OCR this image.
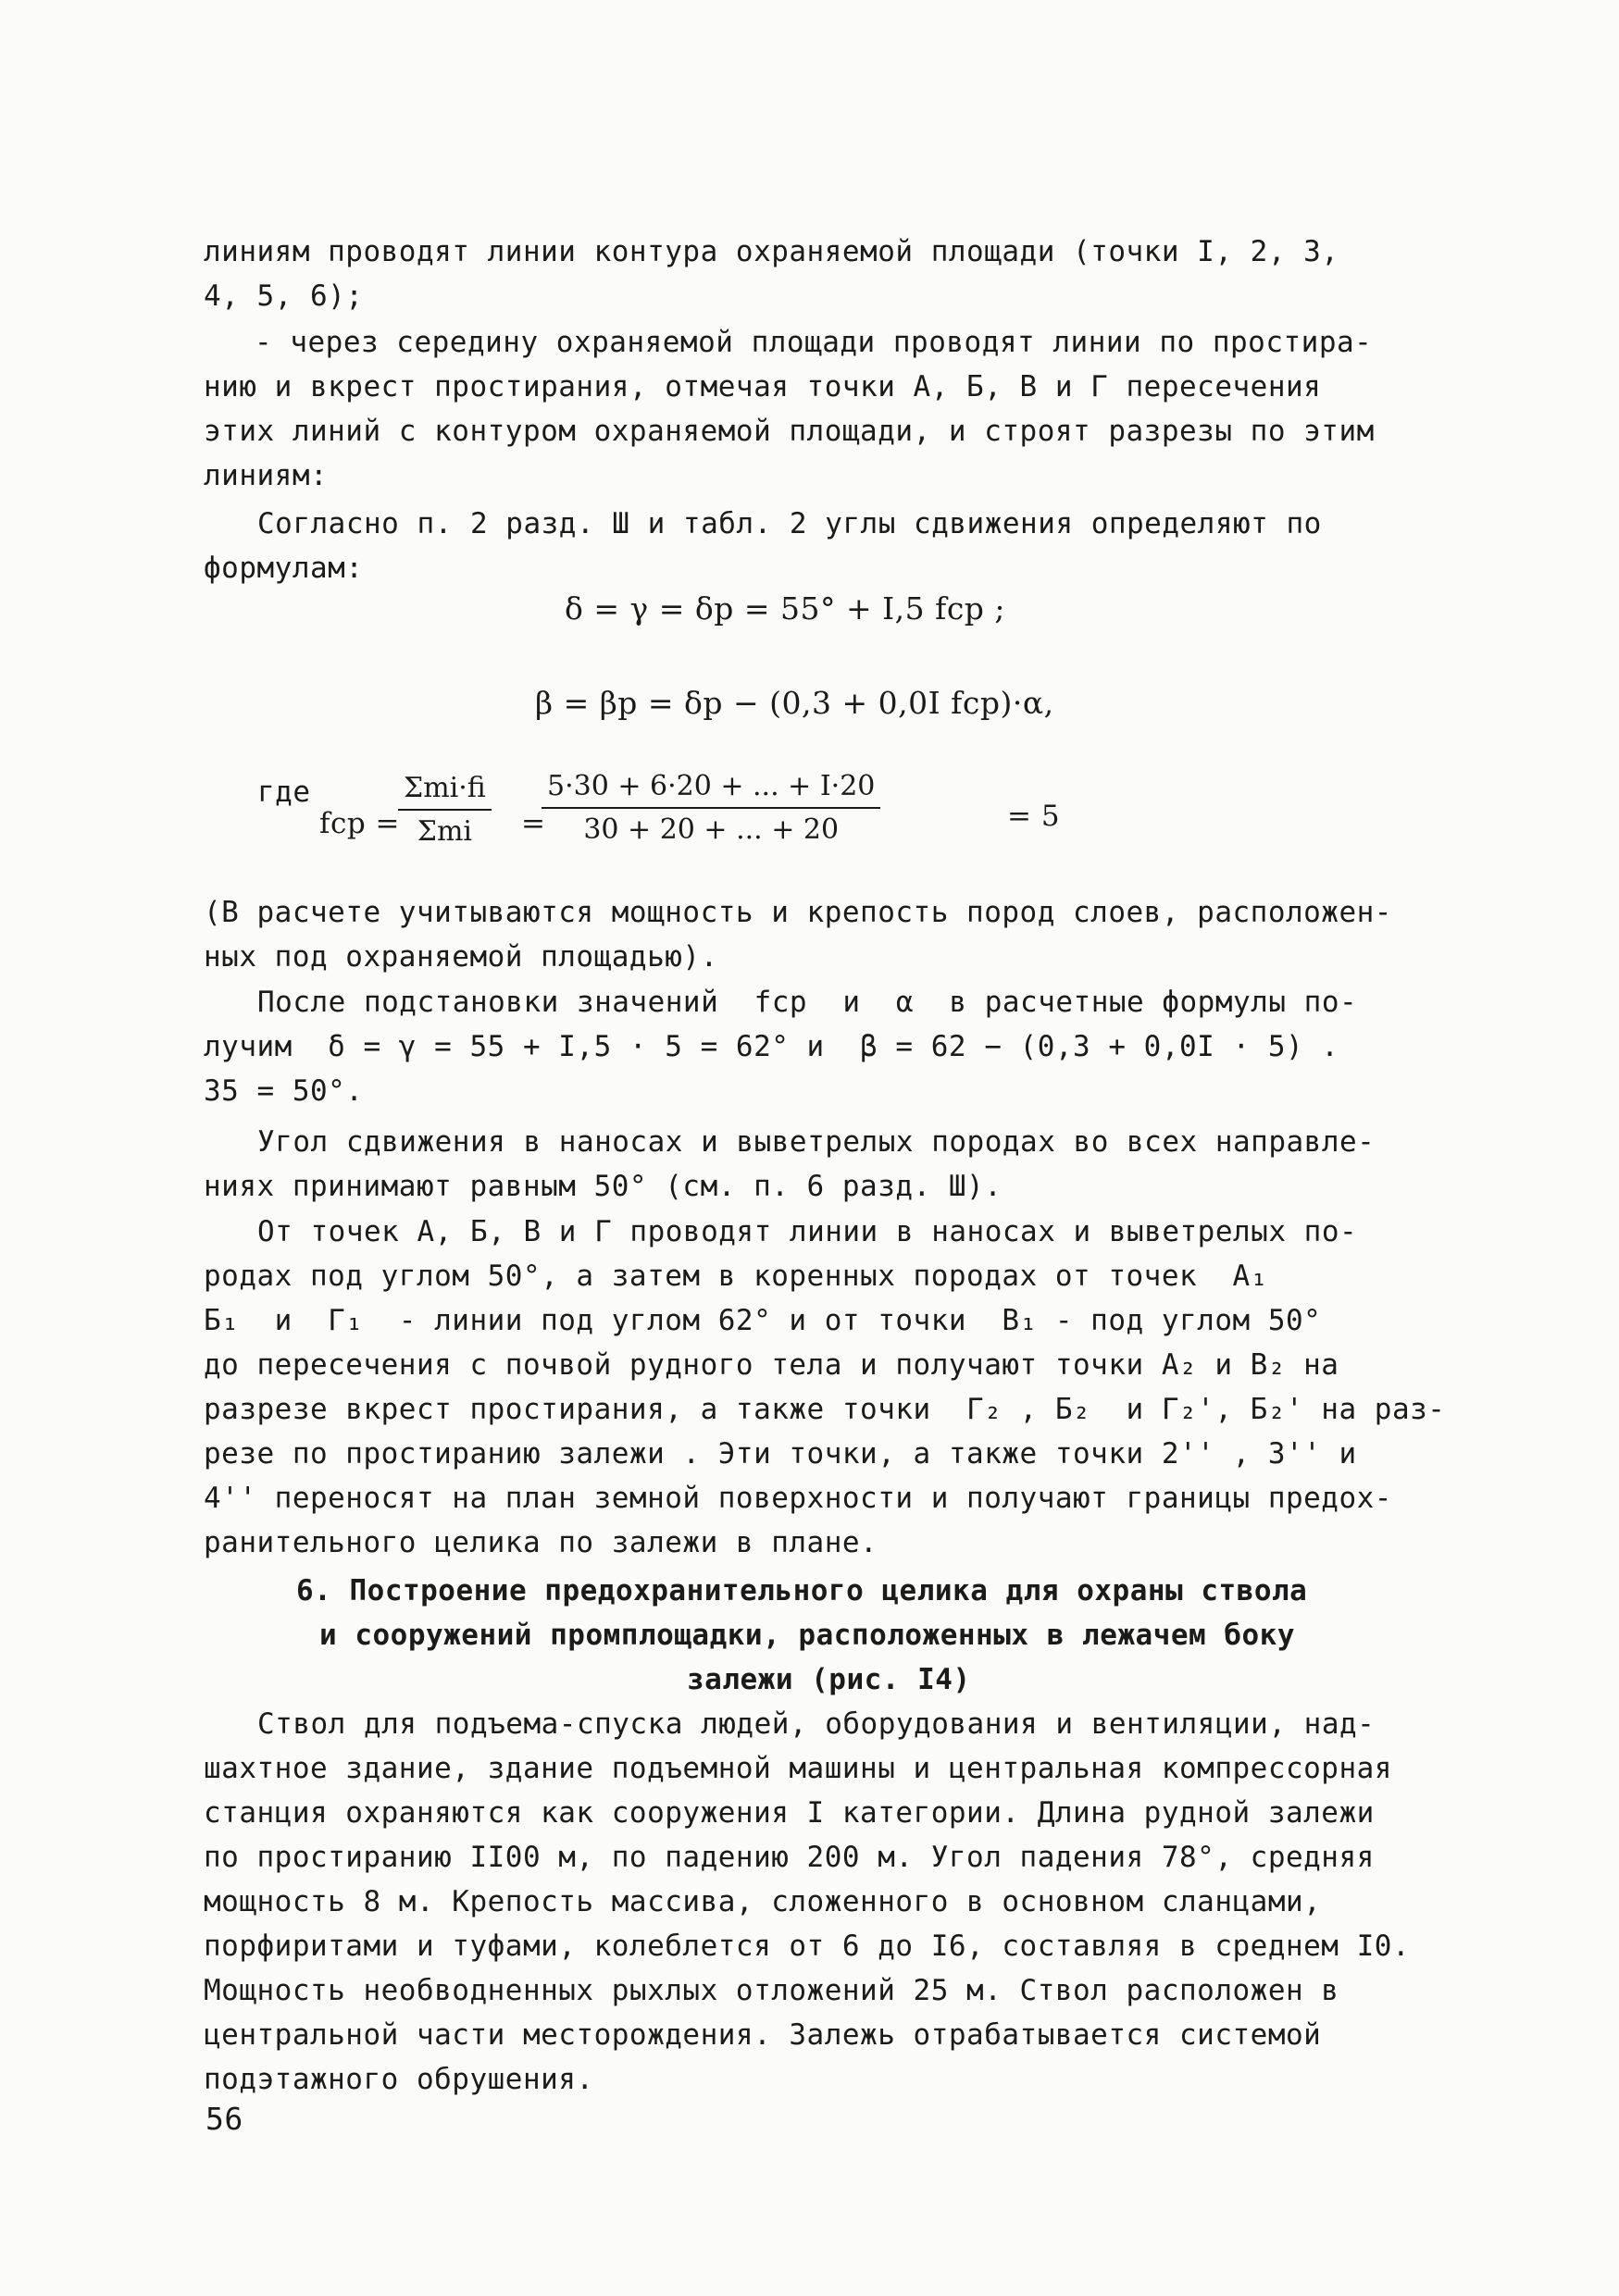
линиям проводят линии контура охраняемой площади (точки I, 2, 3,

4, 5, 6);

- через середину охраняемой площади проводят линии по простира-

нию и вкрест простирания, отмечая точки А, Б, В и Г пересечения

этих линий с контуром охраняемой площади, и строят разрезы по этим

линиям:

Согласно п. 2 разд. Ш и табл. 2 углы сдвижения определяют по

формулам:

δ = γ = δр = 55° + I,5 fср ;

β = βр = δр − (0,3 + 0,0I fср)·α,

где

fср =

Σmi·fi
Σmi =

$\frac{5\cdot 30 + 6\cdot 20 + ... + I\cdot 20}{30 + 20 + ... + 20}$	= 5

(В расчете учитываются мощность и крепость пород слоев, расположен-

ных под охраняемой площадью).

После подстановки значений  fср  и  α  в расчетные формулы по-

лучим  δ = γ = 55 + I,5 · 5 = 62° и  β = 62 − (0,3 + 0,0I · 5) .

35 = 50°.

Угол сдвижения в наносах и выветрелых породах во всех направле-

ниях принимают равным 50° (см. п. 6 разд. Ш).

От точек А, Б, В и Г проводят линии в наносах и выветрелых по-

родах под углом 50°, а затем в коренных породах от точек  А₁

Б₁  и  Г₁  - линии под углом 62° и от точки  В₁ - под углом 50°

до пересечения с почвой рудного тела и получают точки А₂ и В₂ на

разрезе вкрест простирания, а также точки  Г₂ , Б₂  и Г₂', Б₂' на раз-

резе по простиранию залежи . Эти точки, а также точки 2'' , 3'' и

4'' переносят на план земной поверхности и получают границы предох-

ранительного целика по залежи в плане.

6. Построение предохранительного целика для охраны ствола

и сооружений промплощадки, расположенных в лежачем боку

залежи (рис. I4)

Ствол для подъема-спуска людей, оборудования и вентиляции, над-

шахтное здание, здание подъемной машины и центральная компрессорная

станция охраняются как сооружения I категории. Длина рудной залежи

по простиранию II00 м, по падению 200 м. Угол падения 78°, средняя

мощность 8 м. Крепость массива, сложенного в основном сланцами,

порфиритами и туфами, колеблется от 6 до I6, составляя в среднем I0.

Мощность необводненных рыхлых отложений 25 м. Ствол расположен в

центральной части месторождения. Залежь отрабатывается системой

подэтажного обрушения.

56
